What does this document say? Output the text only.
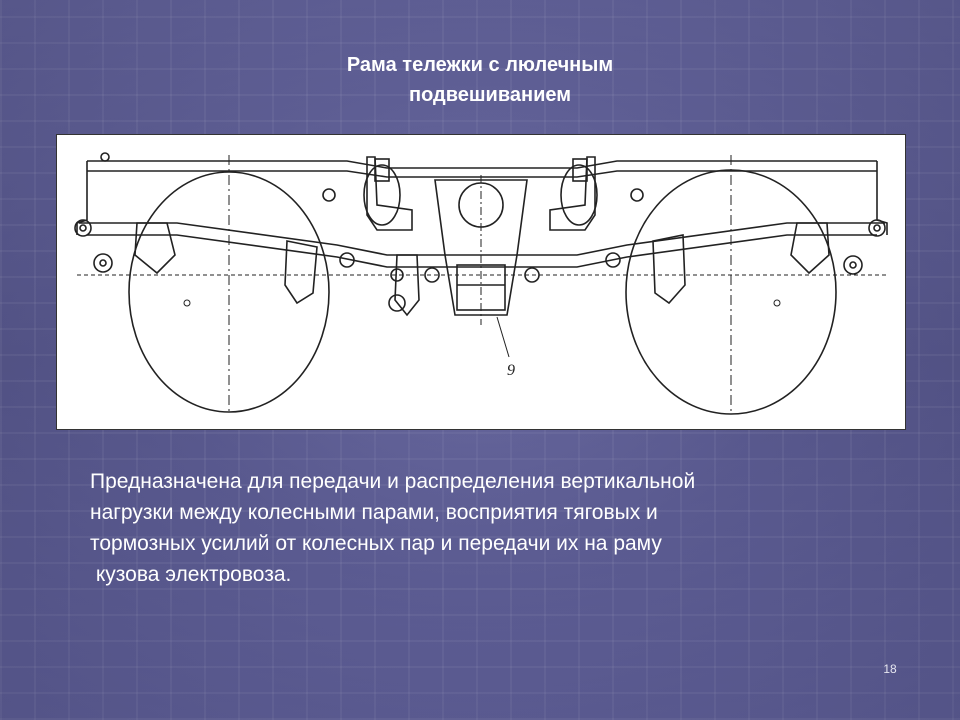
Рама тележки с люлечным
подвешиванием
9
Предназначена для передачи и распределения вертикальной
нагрузки между колесными парами, восприятия тяговых и
тормозных усилий от колесных пар и передачи их на раму
кузова электровоза.
18
